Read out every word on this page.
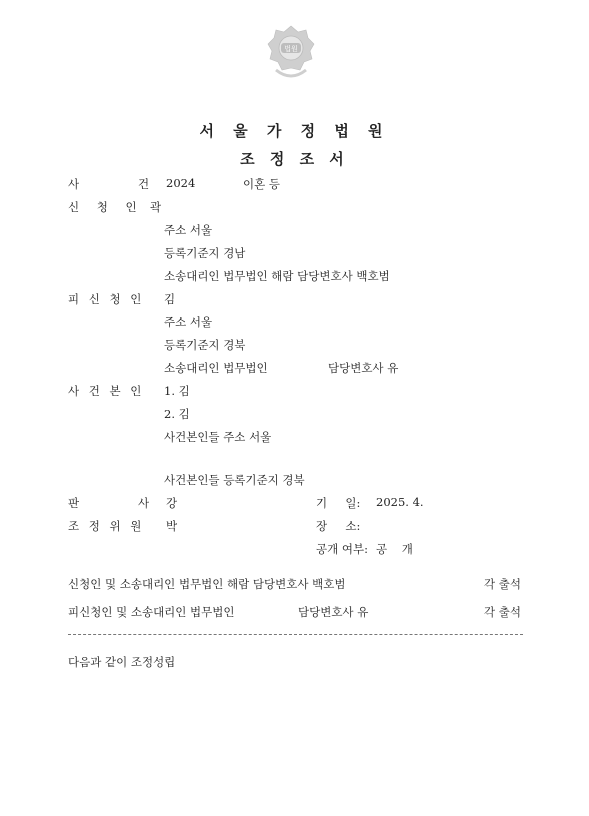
법원
서 울 가 정 법 원
조 정 조 서
사	건 2024	이혼 등
신 청 인 곽
주소 서울
등록기준지 경남
소송대리인 법무법인 해람 담당변호사 백호범
피 신 청 인 김
주소 서울
등록기준지 경북
소송대리인 법무법인	담당변호사 유
사 건 본 인 1. 김
2. 김
사건본인들 주소 서울
사건본인들 등록기준지 경북
판	사 강	기     일: 2025. 4.
조 정 위 원 박	장     소:
공개 여부: 공    개
신청인 및 소송대리인 법무법인 해람 담당변호사 백호범	각 출석
피신청인 및 소송대리인 법무법인	담당변호사 유	각 출석
다음과 같이 조정성립
